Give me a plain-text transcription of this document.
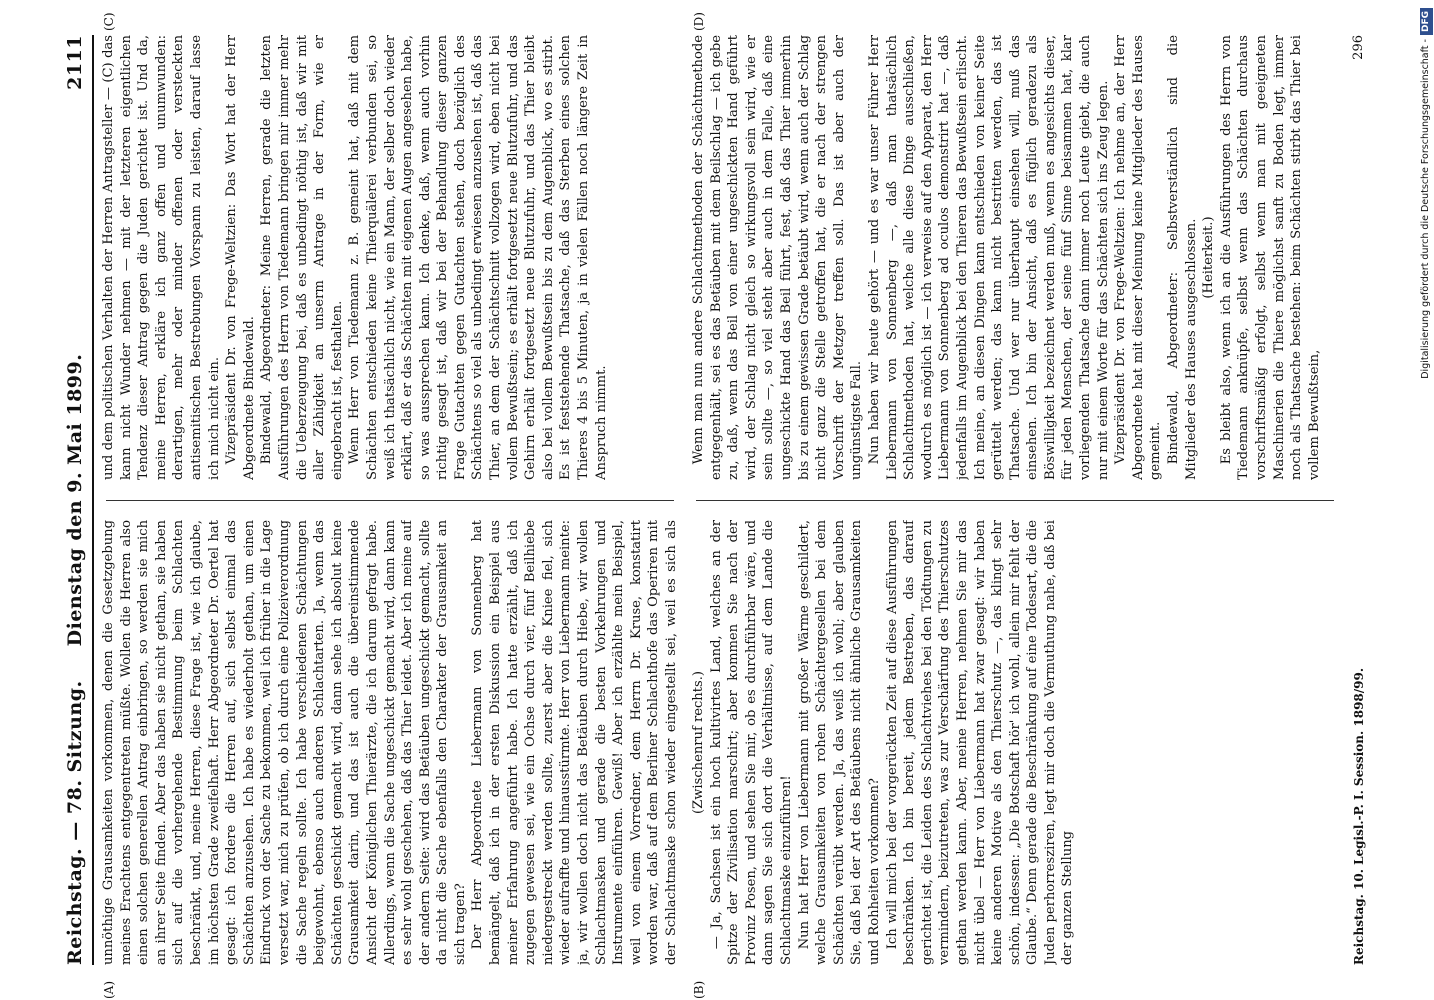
Reichstag. — 78. Sitzung.
Dienstag den 9. Mai 1899.
2111

unnöthige Grausamkeiten vorkommen, denen die Gesetzgebung meines Erachtens entgegentreten müßte. Wollen die Herren also einen solchen generellen Antrag einbringen, so werden sie mich an ihrer Seite finden. Aber das haben sie nicht gethan, sie haben sich auf die vorhergehende Bestimmung beim Schlachten beschränkt, und, meine Herren, diese Frage ist, wie ich glaube, im höchsten Grade zweifelhaft. Herr Abgeordneter Dr. Oertel hat gesagt: ich fordere die Herren auf, sich selbst einmal das Schächten anzusehen. Ich habe es wiederholt gethan, um einen Eindruck von der Sache zu bekommen, weil ich früher in die Lage versetzt war, mich zu prüfen, ob ich durch eine Polizeiverordnung die Sache regeln sollte. Ich habe verschiedenen Schächtungen beigewohnt, ebenso auch anderen Schlachtarten. Ja, wenn das Schächten geschickt gemacht wird, dann sehe ich absolut keine Grausamkeit darin, und das ist auch die übereinstimmende Ansicht der Königlichen Thierärzte, die ich darum gefragt habe. Allerdings, wenn die Sache ungeschickt gemacht wird, dann kann es sehr wohl geschehen, daß das Thier leidet. Aber ich meine auf der andern Seite: wird das Betäuben ungeschickt gemacht, sollte da nicht die Sache ebenfalls den Charakter der Grausamkeit an sich tragen? Der Herr Abgeordnete Liebermann von Sonnenberg hat bemängelt, daß ich in der ersten Diskussion ein Beispiel aus meiner Erfahrung angeführt habe. Ich hatte erzählt, daß ich zugegen gewesen sei, wie ein Ochse durch vier, fünf Beilhiebe niedergestreckt werden sollte, zuerst aber die Kniee fiel, sich wieder aufraffte und hinausstürmte. Herr von Liebermann meinte: ja, wir wollen doch nicht das Betäuben durch Hiebe, wir wollen Schlachtmasken und gerade die besten Vorkehrungen und Instrumente einführen. Gewiß! Aber ich erzählte mein Beispiel, weil von einem Vorredner, dem Herrn Dr. Kruse, konstatirt worden war, daß auf dem Berliner Schlachthofe das Operiren mit der Schlachtmaske schon wieder eingestellt sei, weil es sich als

und dem politischen Verhalten der Herren Antragsteller — (C) das kann nicht Wunder nehmen — mit der letzteren eigentlichen Tendenz dieser Antrag gegen die Juden gerichtet ist. Und da, meine Herren, erkläre ich ganz offen und unumwunden: derartigen, mehr oder minder offenen oder versteckten antisemitischen Bestrebungen Vorspann zu leisten, darauf lasse ich mich nicht ein. Vizepräsident Dr. von Frege-Weltzien: Das Wort hat der Herr Abgeordnete Bindewald. Bindewald, Abgeordneter: Meine Herren, gerade die letzten Ausführungen des Herrn von Tiedemann bringen mir immer mehr die Ueberzeugung bei, daß es unbedingt nöthig ist, daß wir mit aller Zähigkeit an unserm Antrage in der Form, wie er eingebracht ist, festhalten. Wenn Herr von Tiedemann z. B. gemeint hat, daß mit dem Schächten entschieden keine Thierquälerei verbunden sei, so weiß ich thatsächlich nicht, wie ein Mann, der selber doch wieder erklärt, daß er das Schächten mit eigenen Augen angesehen habe, so was aussprechen kann. Ich denke, daß, wenn auch vorhin richtig gesagt ist, daß wir bei der Behandlung dieser ganzen Frage Gutachten gegen Gutachten stehen, doch bezüglich des Schächtens so viel als unbedingt erwiesen anzusehen ist, daß das Thier, an dem der Schächtschnitt vollzogen wird, eben nicht bei vollem Bewußtsein; es erhält fortgesetzt neue Blutzufuhr, und das Gehirn erhält fortgesetzt neue Blutzufuhr, und das Thier bleibt also bei vollem Bewußtsein bis zu dem Augenblick, wo es stirbt. Es ist feststehende Thatsache, daß das Sterben eines solchen Thieres 4 bis 5 Minuten, ja in vielen Fällen noch längere Zeit in Anspruch nimmt.

(Zwischenruf rechts.) — Ja, Sachsen ist ein hoch kultivirtes Land, welches an der Spitze der Zivilisation marschirt; aber kommen Sie nach der Provinz Posen, und sehen Sie mir, ob es durchführbar wäre, und dann sagen Sie sich dort die Verhältnisse, auf dem Lande die Schlachtmaske einzuführen! Nun hat Herr von Liebermann mit großer Wärme geschildert, welche Grausamkeiten von rohen Schächtergesellen bei dem Schächten verübt werden. Ja, das weiß ich wohl; aber glauben Sie, daß bei der Art des Betäubens nicht ähnliche Grausamkeiten und Rohheiten vorkommen? Ich will mich bei der vorgerückten Zeit auf diese Ausführungen beschränken. Ich bin bereit, jedem Bestreben, das darauf gerichtet ist, die Leiden des Schlachtviehes bei den Tödtungen zu vermindern, beizutreten, was zur Verschärfung des Thierschutzes gethan werden kann. Aber, meine Herren, nehmen Sie mir das nicht übel — Herr von Liebermann hat zwar gesagt: wir haben keine anderen Motive als den Thierschutz —, das klingt sehr schön, indessen: „Die Botschaft hör' ich wohl, allein mir fehlt der Glaube.“ Denn gerade die Beschränkung auf eine Todesart, die die Juden perhorresziren, legt mir doch die Vermuthung nahe, daß bei der ganzen Stellung

Wenn man nun andere Schlachtmethoden der Schächtmethode entgegenhält, sei es das Betäuben mit dem Beilschlag — ich gebe zu, daß, wenn das Beil von einer ungeschickten Hand geführt wird, der Schlag nicht gleich so wirkungsvoll sein wird, wie er sein sollte —, so viel steht aber auch in dem Falle, daß eine ungeschickte Hand das Beil führt, fest, daß das Thier immerhin bis zu einem gewissen Grade betäubt wird, wenn auch der Schlag nicht ganz die Stelle getroffen hat, die er nach der strengen Vorschrift der Metzger treffen soll. Das ist aber auch der ungünstigste Fall. Nun haben wir heute gehört — und es war unser Führer Herr Liebermann von Sonnenberg —, daß man thatsächlich Schlachtmethoden hat, welche alle diese Dinge ausschließen, wodurch es möglich ist — ich verweise auf den Apparat, den Herr Liebermann von Sonnenberg ad oculos demonstrirt hat —, daß jedenfalls im Augenblick bei den Thieren das Bewußtsein erlischt. Ich meine, an diesen Dingen kann entschieden von keiner Seite gerüttelt werden; das kann nicht bestritten werden, das ist Thatsache. Und wer nur überhaupt einsehen will, muß das einsehen. Ich bin der Ansicht, daß es füglich geradezu als Böswilligkeit bezeichnet werden muß, wenn es angesichts dieser, für jeden Menschen, der seine fünf Sinne beisammen hat, klar vorliegenden Thatsache dann immer noch Leute giebt, die auch nur mit einem Worte für das Schächten sich ins Zeug legen. Vizepräsident Dr. von Frege-Weltzien: Ich nehme an, der Herr Abgeordnete hat mit dieser Meinung keine Mitglieder des Hauses gemeint. Bindewald, Abgeordneter: Selbstverständlich sind die Mitglieder des Hauses ausgeschlossen. (Heiterkeit.) Es bleibt also, wenn ich an die Ausführungen des Herrn von Tiedemann anknüpfe, selbst wenn das Schächten durchaus vorschriftsmäßig erfolgt, selbst wenn man mit geeigneten Maschinerien die Thiere möglichst sanft zu Boden legt, immer noch als Thatsache bestehen: beim Schächten stirbt das Thier bei vollem Bewußtsein,

(A)	(B)
(C)	(D)
Reichstag. 10. Legisl.-P. I. Session. 1898/99.
296	Digitalisierung gefördert durch die Deutsche Forschungsgemeinschaft -DFG
